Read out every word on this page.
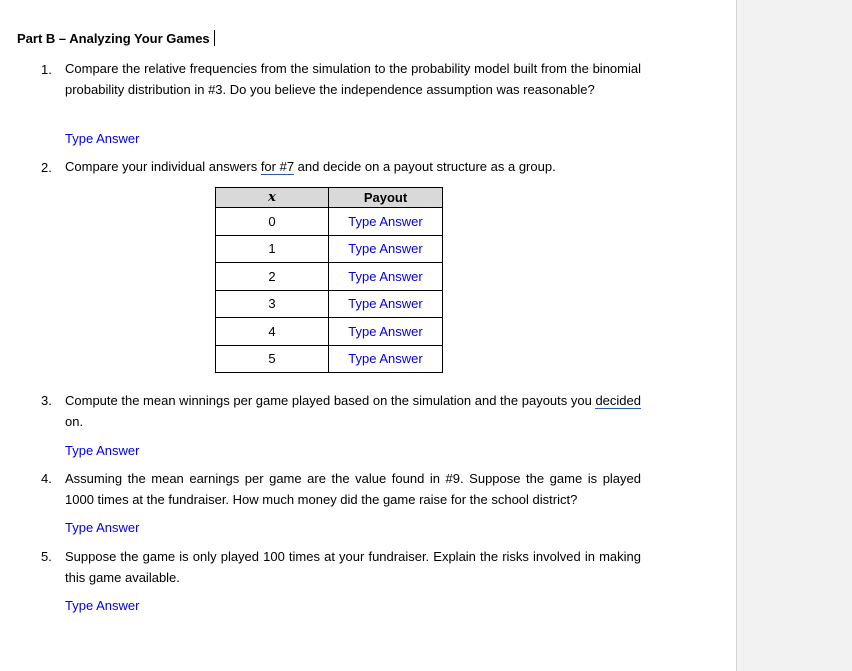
Part B – Analyzing Your Games
1. Compare the relative frequencies from the simulation to the probability model built from the binomial probability distribution in #3. Do you believe the independence assumption was reasonable?
Type Answer
2. Compare your individual answers for #7 and decide on a payout structure as a group.
x	Payout
0	Type Answer
1	Type Answer
2	Type Answer
3	Type Answer
4	Type Answer
5	Type Answer
3. Compute the mean winnings per game played based on the simulation and the payouts you decided on.
Type Answer
4. Assuming the mean earnings per game are the value found in #9. Suppose the game is played 1000 times at the fundraiser. How much money did the game raise for the school district?
Type Answer
5. Suppose the game is only played 100 times at your fundraiser. Explain the risks involved in making this game available.
Type Answer
